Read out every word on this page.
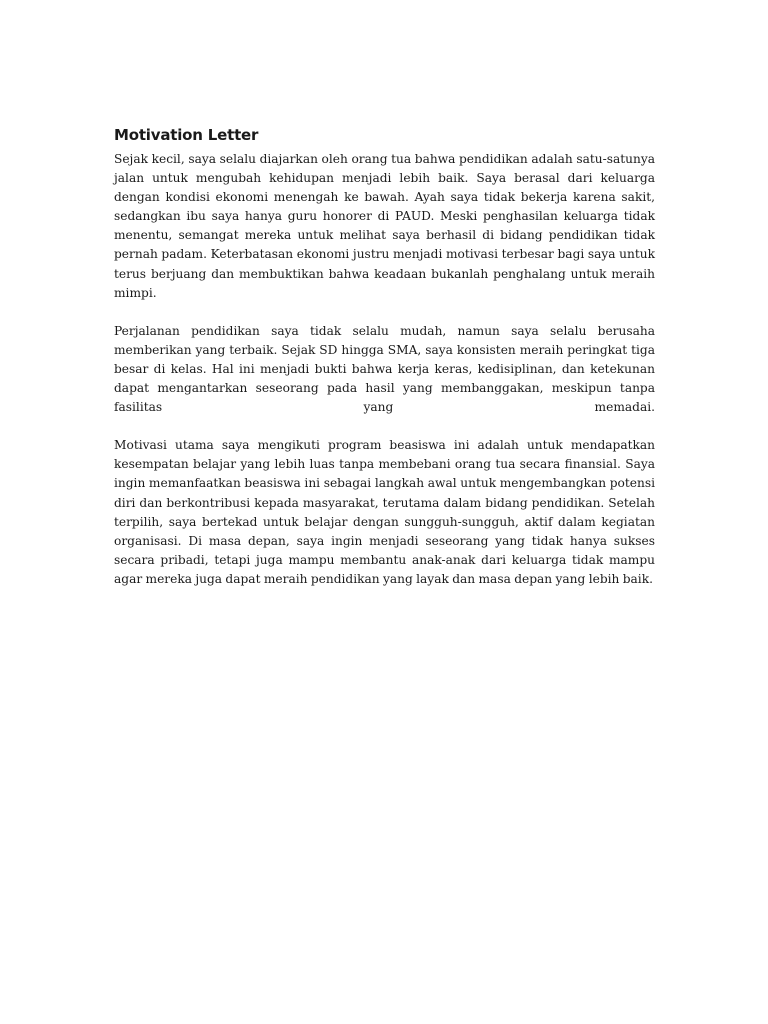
Motivation Letter

Sejak kecil, saya selalu diajarkan oleh orang tua bahwa pendidikan adalah satu-satunya jalan untuk mengubah kehidupan menjadi lebih baik. Saya berasal dari keluarga dengan kondisi ekonomi menengah ke bawah. Ayah saya tidak bekerja karena sakit, sedangkan ibu saya hanya guru honorer di PAUD. Meski penghasilan keluarga tidak menentu, semangat mereka untuk melihat saya berhasil di bidang pendidikan tidak pernah padam. Keterbatasan ekonomi justru menjadi motivasi terbesar bagi saya untuk terus berjuang dan membuktikan bahwa keadaan bukanlah penghalang untuk meraih mimpi.

Perjalanan pendidikan saya tidak selalu mudah, namun saya selalu berusaha memberikan yang terbaik. Sejak SD hingga SMA, saya konsisten meraih peringkat tiga besar di kelas. Hal ini menjadi bukti bahwa kerja keras, kedisiplinan, dan ketekunan dapat mengantarkan seseorang pada hasil yang membanggakan, meskipun tanpa fasilitas yang memadai.

Motivasi utama saya mengikuti program beasiswa ini adalah untuk mendapatkan kesempatan belajar yang lebih luas tanpa membebani orang tua secara finansial. Saya ingin memanfaatkan beasiswa ini sebagai langkah awal untuk mengembangkan potensi diri dan berkontribusi kepada masyarakat, terutama dalam bidang pendidikan. Setelah terpilih, saya bertekad untuk belajar dengan sungguh-sungguh, aktif dalam kegiatan organisasi. Di masa depan, saya ingin menjadi seseorang yang tidak hanya sukses secara pribadi, tetapi juga mampu membantu anak-anak dari keluarga tidak mampu agar mereka juga dapat meraih pendidikan yang layak dan masa depan yang lebih baik.
